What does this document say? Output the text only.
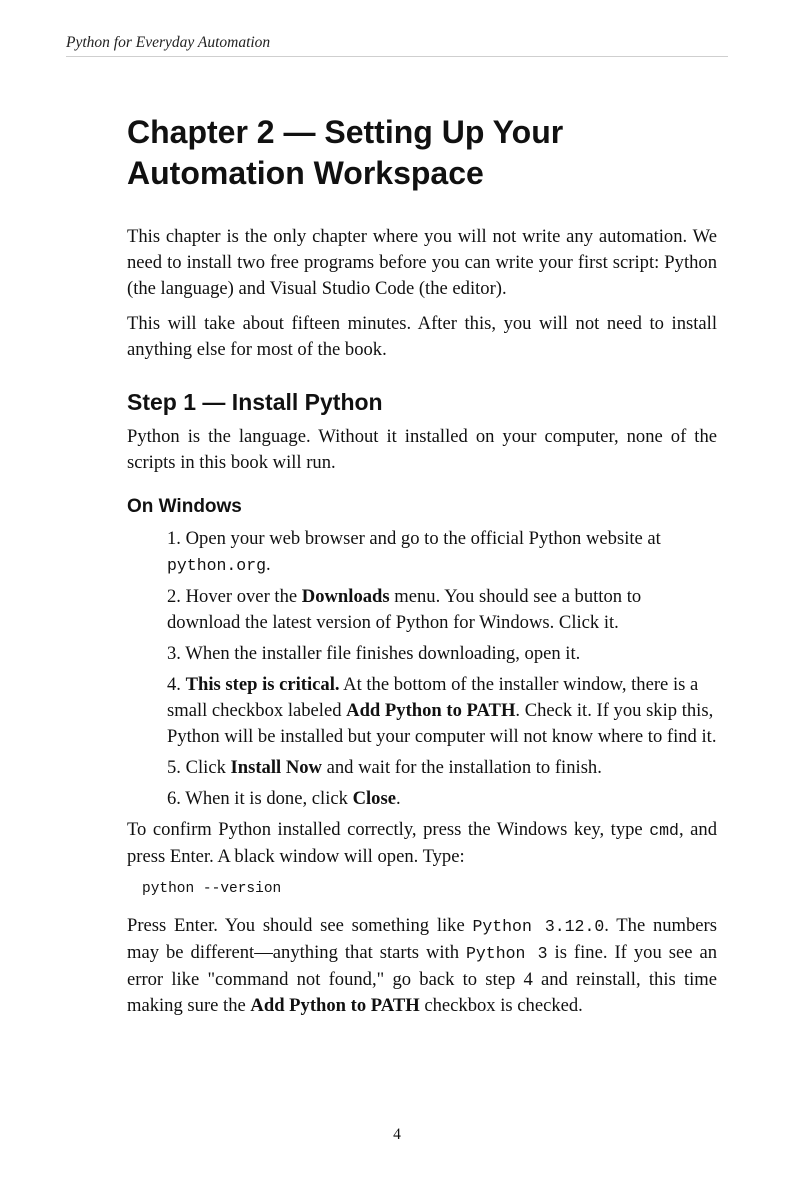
Python for Everyday Automation
Chapter 2 — Setting Up Your Automation Workspace

This chapter is the only chapter where you will not write any automation. We need to install two free programs before you can write your first script: Python (the language) and Visual Studio Code (the editor).

This will take about fifteen minutes. After this, you will not need to install anything else for most of the book.

Step 1 — Install Python

Python is the language. Without it installed on your computer, none of the scripts in this book will run.

On Windows
1. Open your web browser and go to the official Python website at python.org.
2. Hover over the Downloads menu. You should see a button to download the latest version of Python for Windows. Click it.
3. When the installer file finishes downloading, open it.
4. This step is critical. At the bottom of the installer window, there is a small checkbox labeled Add Python to PATH. Check it. If you skip this, Python will be installed but your computer will not know where to find it.
5. Click Install Now and wait for the installation to finish.
6. When it is done, click Close.

To confirm Python installed correctly, press the Windows key, type cmd, and press Enter. A black window will open. Type:

python --version

Press Enter. You should see something like Python 3.12.0. The numbers may be different—anything that starts with Python 3 is fine. If you see an error like "command not found," go back to step 4 and reinstall, this time making sure the Add Python to PATH checkbox is checked.

4
